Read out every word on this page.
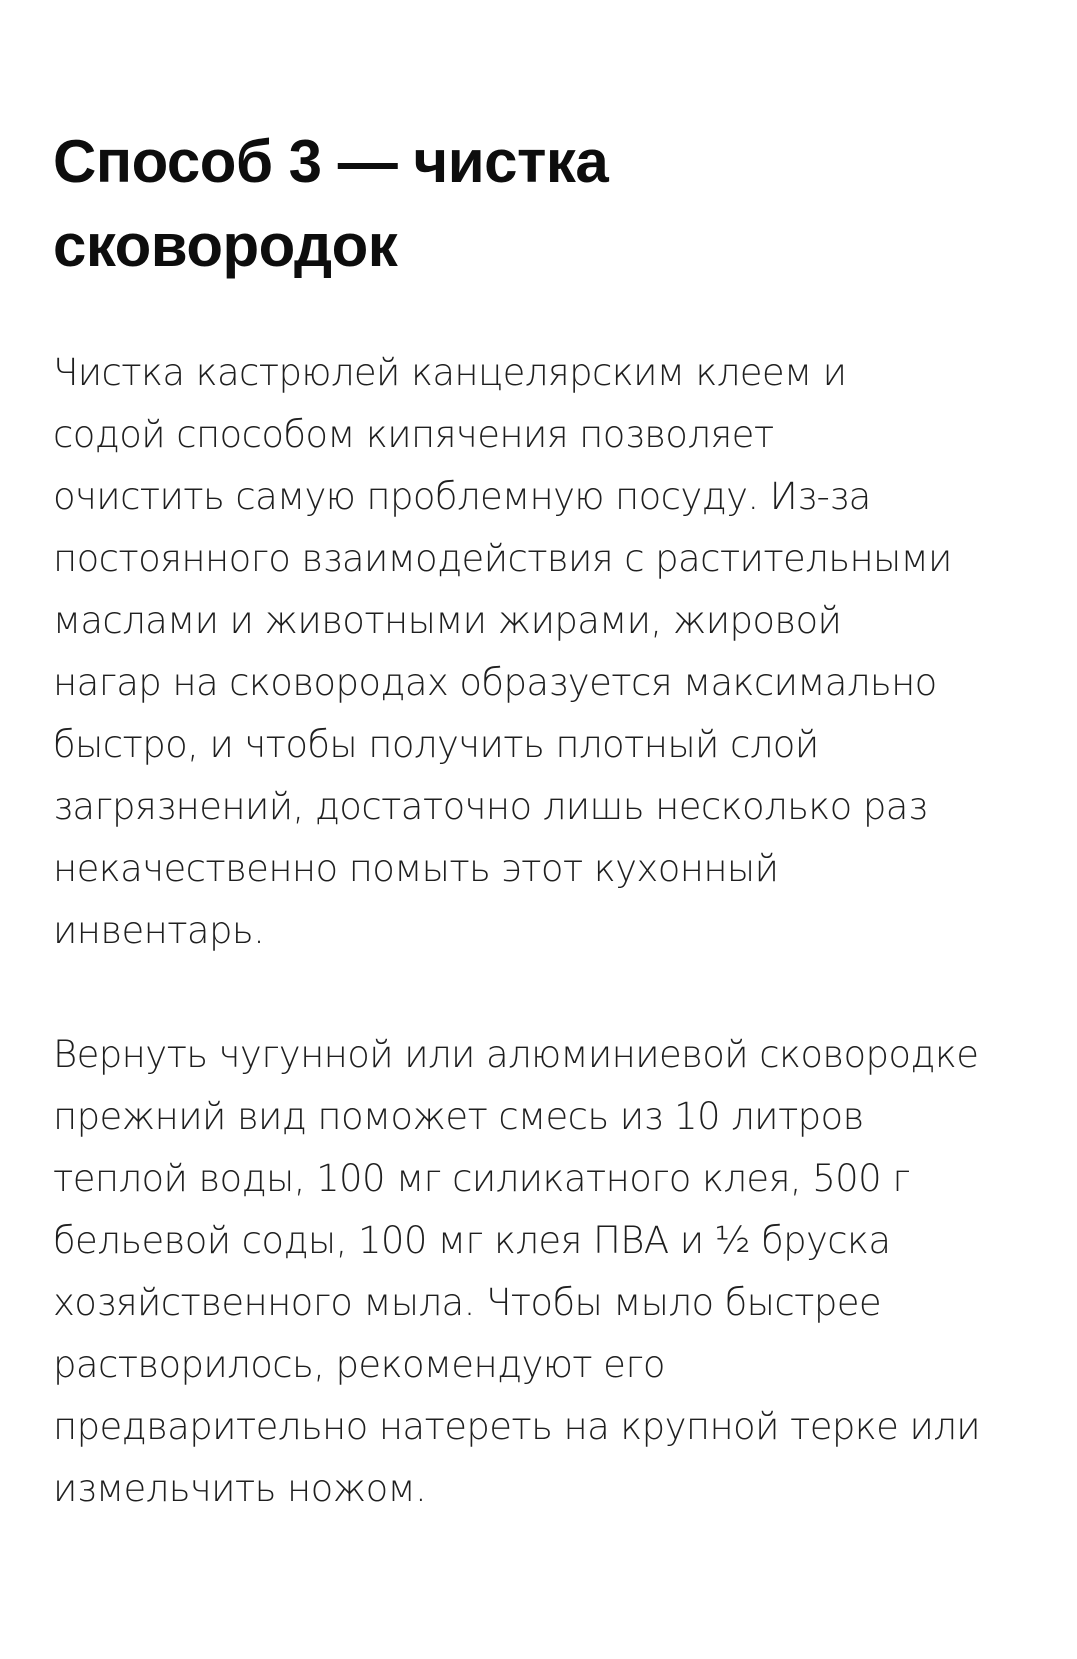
Способ 3 — чистка сковородок

Чистка кастрюлей канцелярским клеем и содой способом кипячения позволяет очистить самую проблемную посуду. Из-за постоянного взаимодействия с растительными маслами и животными жирами, жировой нагар на сковородах образуется максимально быстро, и чтобы получить плотный слой загрязнений, достаточно лишь несколько раз некачественно помыть этот кухонный инвентарь.

Вернуть чугунной или алюминиевой сковородке прежний вид поможет смесь из 10 литров теплой воды, 100 мг силикатного клея, 500 г бельевой соды, 100 мг клея ПВА и ½ бруска хозяйственного мыла. Чтобы мыло быстрее растворилось, рекомендуют его предварительно натереть на крупной терке или измельчить ножом.
